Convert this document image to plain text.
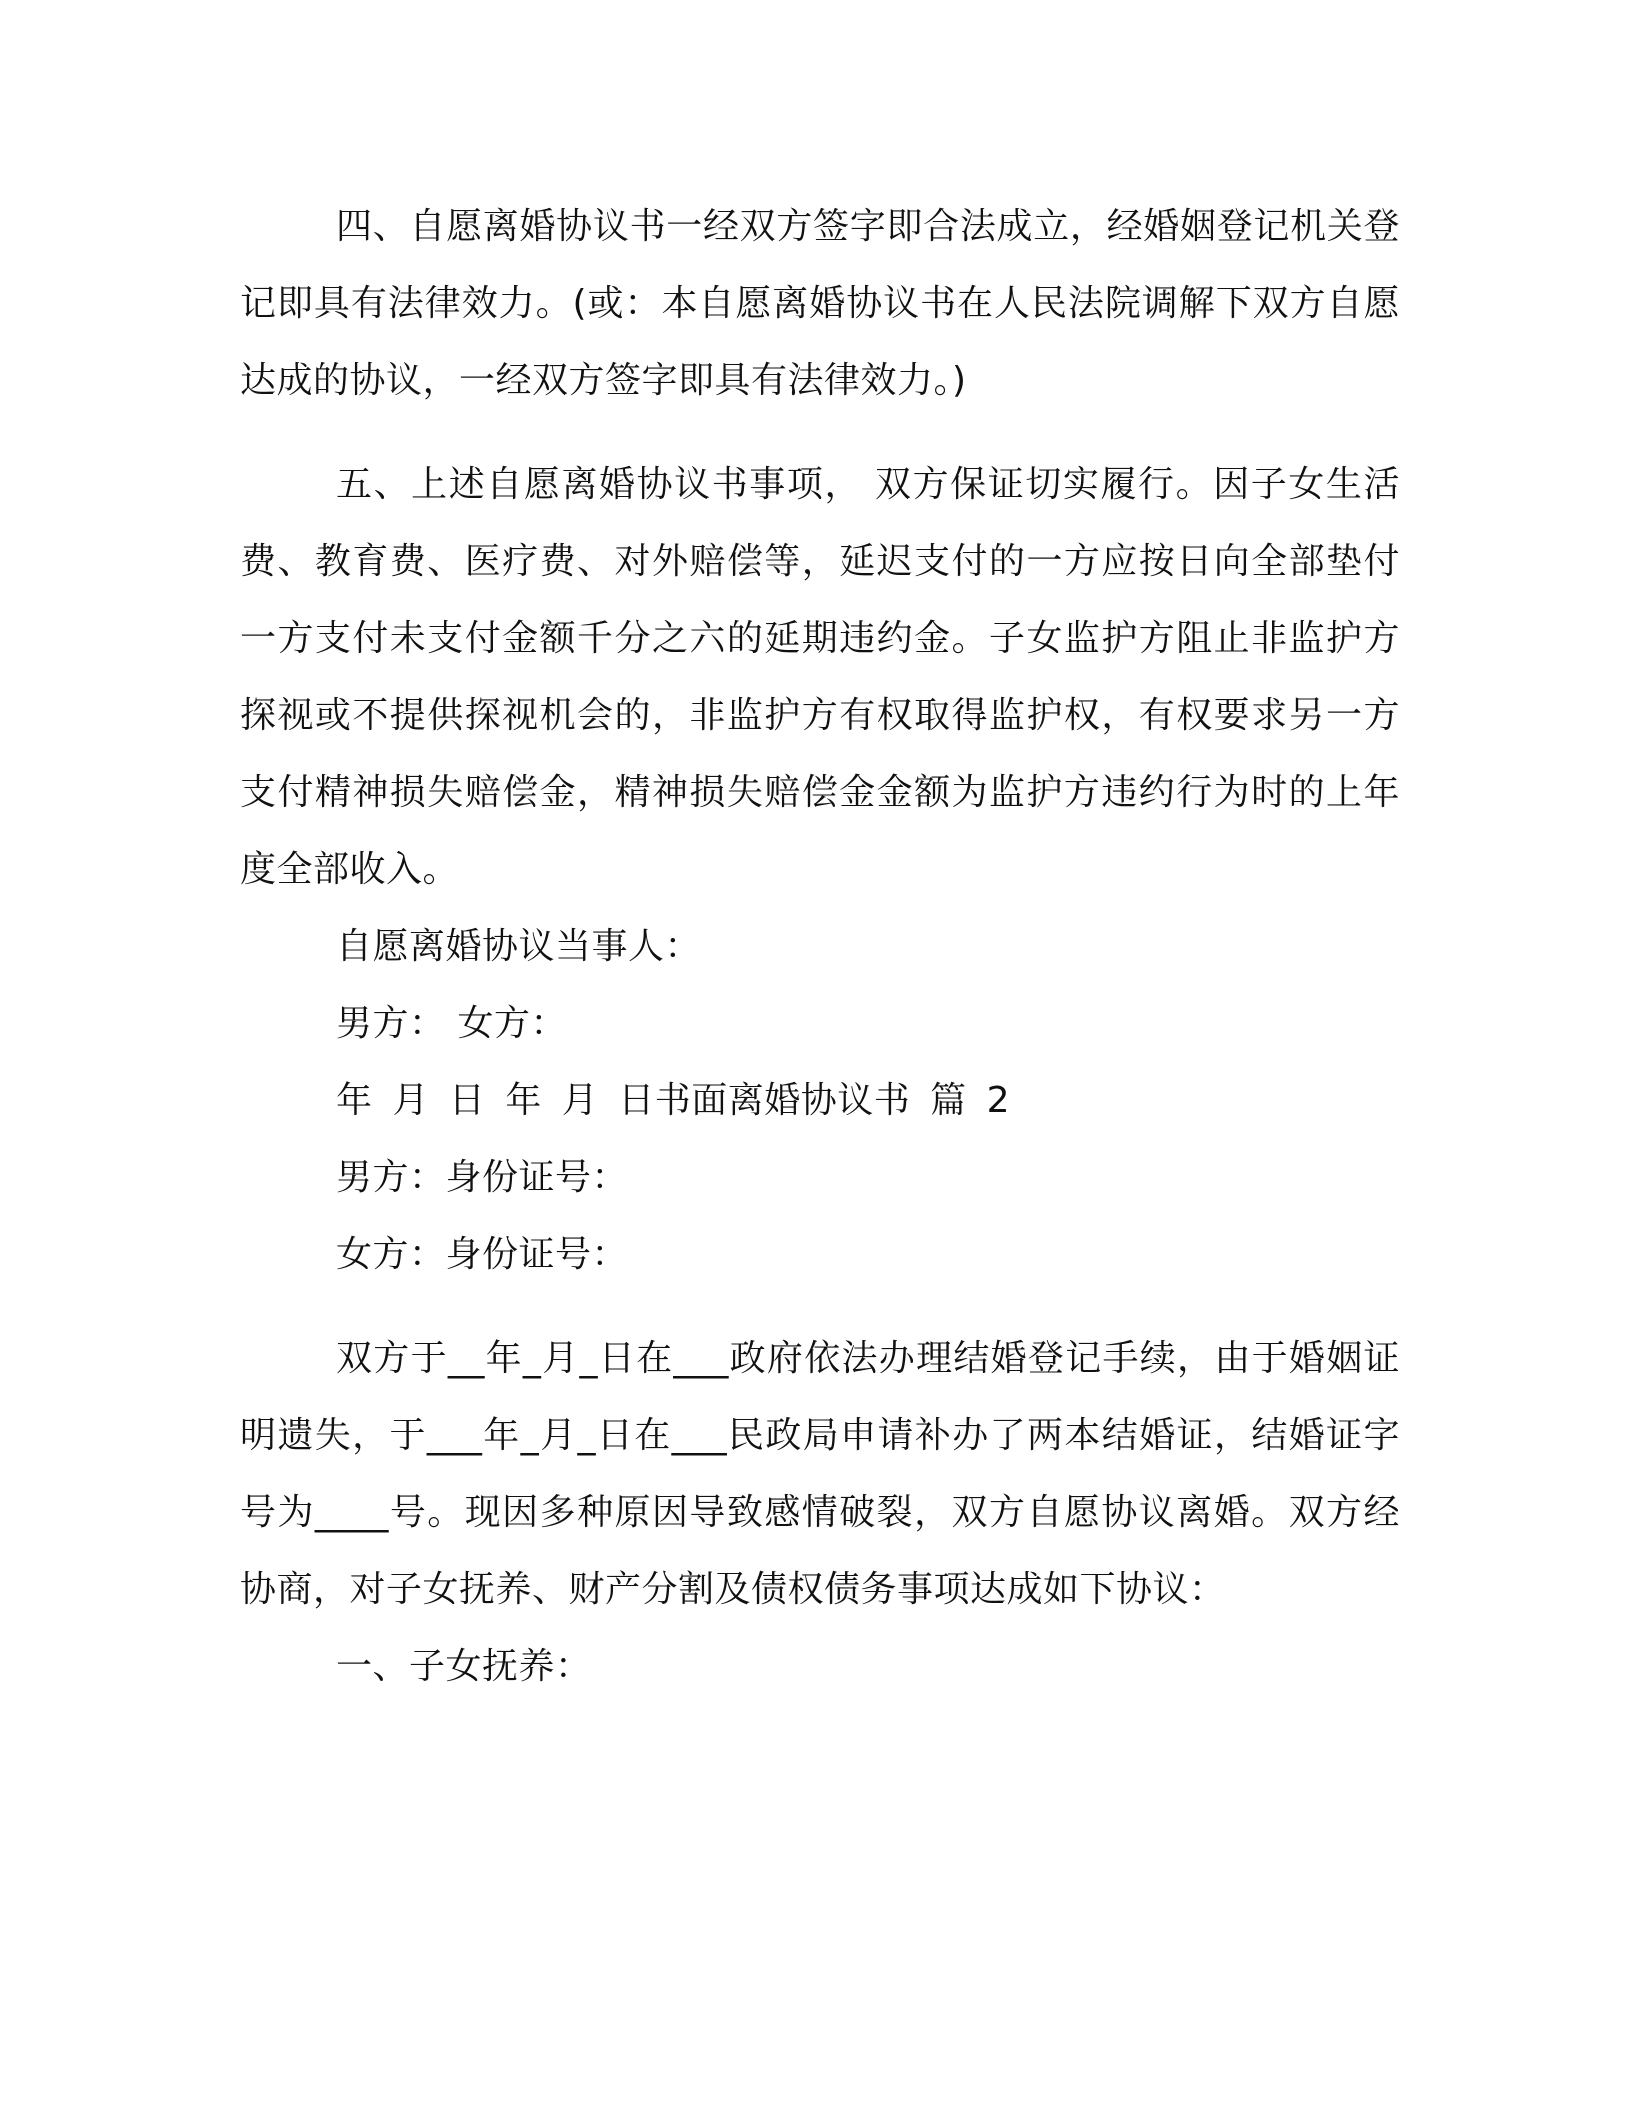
四、自愿离婚协议书一经双方签字即合法成立，经婚姻登记机关登记即具有法律效力。(或：本自愿离婚协议书在人民法院调解下双方自愿达成的协议，一经双方签字即具有法律效力。)

五、上述自愿离婚协议书事项， 双方保证切实履行。因子女生活费、教育费、医疗费、对外赔偿等，延迟支付的一方应按日向全部垫付一方支付未支付金额千分之六的延期违约金。子女监护方阻止非监护方探视或不提供探视机会的，非监护方有权取得监护权，有权要求另一方支付精神损失赔偿金，精神损失赔偿金金额为监护方违约行为时的上年度全部收入。

自愿离婚协议当事人：

男方： 女方：

年 月 日 年 月 日书面离婚协议书 篇 2

男方：身份证号：

女方：身份证号：

双方于__年_月_日在___政府依法办理结婚登记手续，由于婚姻证明遗失，于___年_月_日在___民政局申请补办了两本结婚证，结婚证字号为____号。现因多种原因导致感情破裂，双方自愿协议离婚。双方经协商，对子女抚养、财产分割及债权债务事项达成如下协议：

一、子女抚养：
